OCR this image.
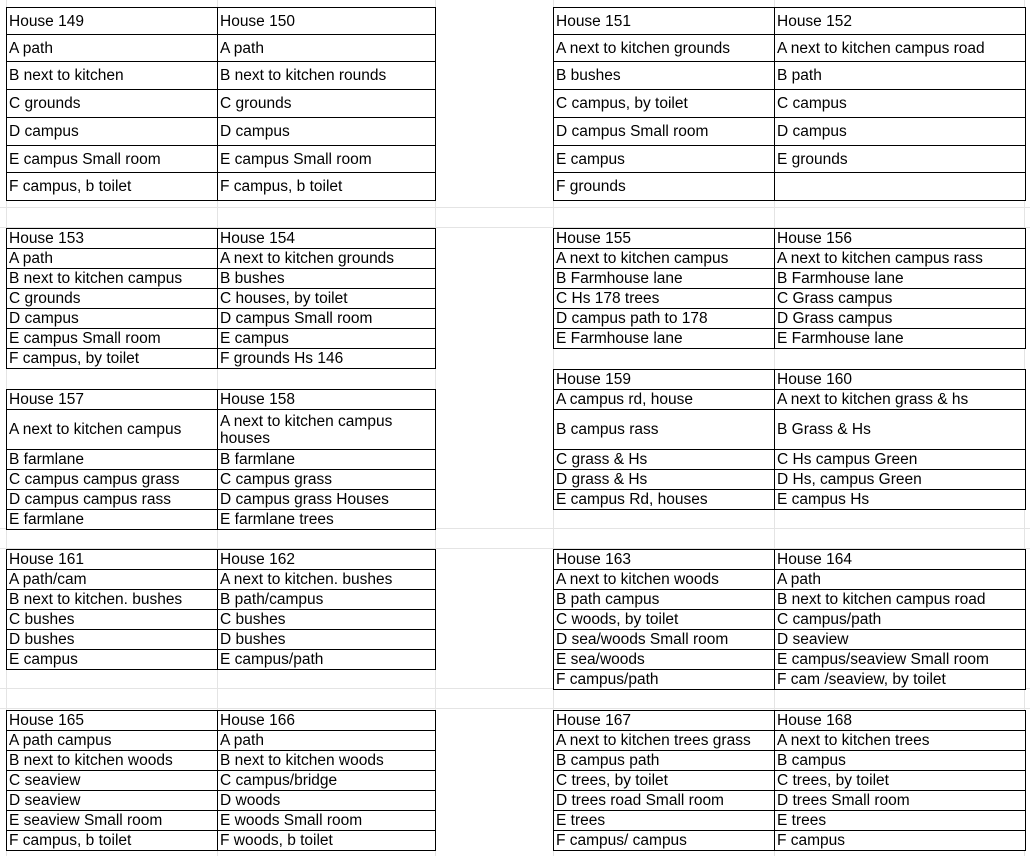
House 149	House 150
A path	A path
B next to kitchen	B next to kitchen rounds
C grounds	C grounds
D campus	D campus
E campus Small room	E campus Small room
F campus, b toilet	F campus, b toilet
House 151	House 152
A next to kitchen grounds	A next to kitchen campus road
B bushes	B path
C campus, by toilet	C campus
D campus Small room	D campus
E campus	E grounds
F grounds	
House 153	House 154
A path	A next to kitchen grounds
B next to kitchen campus	B bushes
C grounds	C houses, by toilet
D campus	D campus Small room
E campus Small room	E campus
F campus, by toilet	F grounds Hs 146
House 155	House 156
A next to kitchen campus	A next to kitchen campus rass
B Farmhouse lane	B Farmhouse lane
C Hs 178 trees	C Grass campus
D campus path to 178	D Grass campus
E Farmhouse lane	E Farmhouse lane
House 157	House 158
A next to kitchen campus	A next to kitchen campus houses
B farmlane	B farmlane
C campus campus grass	C campus grass
D campus campus rass	D campus grass Houses
E farmlane	E farmlane trees
House 159	House 160
A campus rd, house	A next to kitchen grass & hs
B campus rass	B Grass & Hs
C grass & Hs	C Hs campus Green
D grass & Hs	D Hs, campus Green
E campus Rd, houses	E campus Hs
House 161	House 162
A path/cam	A next to kitchen. bushes
B next to kitchen. bushes	B path/campus
C bushes	C bushes
D bushes	D bushes
E campus	E campus/path
House 163	House 164
A next to kitchen woods	A path
B path campus	B next to kitchen campus road
C woods, by toilet	C campus/path
D sea/woods Small room	D seaview
E sea/woods	E campus/seaview Small room
F campus/path	F cam /seaview, by toilet
House 165	House 166
A path campus	A path
B next to kitchen woods	B next to kitchen woods
C seaview	C campus/bridge
D seaview	D woods
E seaview Small room	E woods Small room
F campus, b toilet	F woods, b toilet
House 167	House 168
A next to kitchen trees grass	A next to kitchen trees
B campus path	B campus
C trees, by toilet	C trees, by toilet
D trees road Small room	D trees Small room
E trees	E trees
F campus/ campus	F campus
